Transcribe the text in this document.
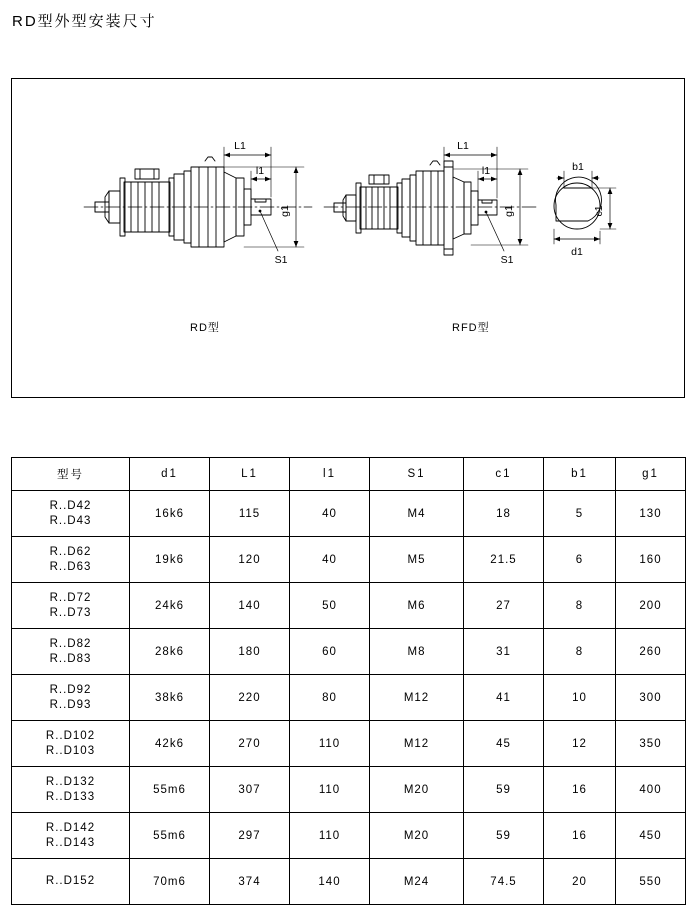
RD型外型安装尺寸
L1
l1
g1
S1
L1
l1
g1
S1
b1
c1
d1
RD型	RFD型
型号	d1	L1	l1	S1	c1	b1	g1
R..D42
R..D43	16k6	115	40	M4	18	5	130
R..D62
R..D63	19k6	120	40	M5	21.5	6	160
R..D72
R..D73	24k6	140	50	M6	27	8	200
R..D82
R..D83	28k6	180	60	M8	31	8	260
R..D92
R..D93	38k6	220	80	M12	41	10	300
R..D102
R..D103	42k6	270	110	M12	45	12	350
R..D132
R..D133	55m6	307	110	M20	59	16	400
R..D142
R..D143	55m6	297	110	M20	59	16	450
R..D152	70m6	374	140	M24	74.5	20	550
